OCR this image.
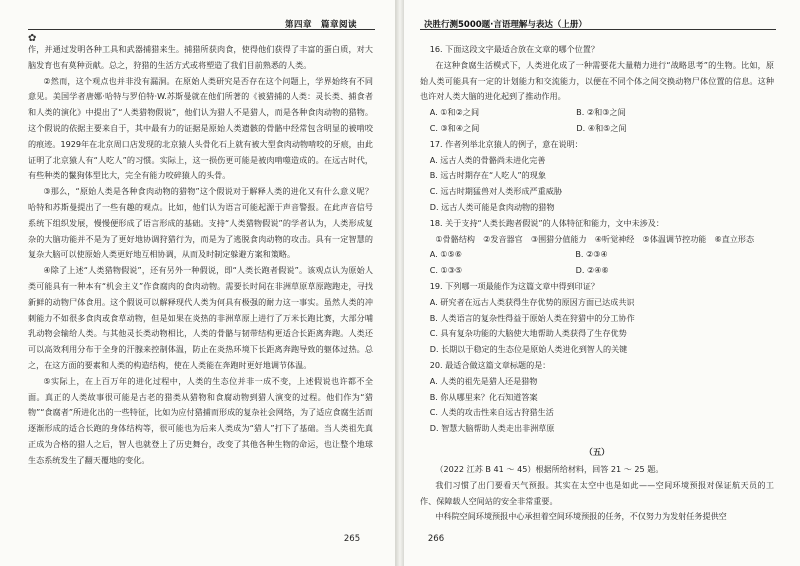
✿
第四章　篇章阅读

作，并通过发明各种工具和武器捕猎来生。捕猎所获肉食，使得他们获得了丰富的蛋白质，对大脑发育也有莫种贡献。总之，狩猎的生活方式或将塑造了我们目前熟悉的人类。

②然而，这个观点也并非没有漏洞。在原始人类研究是否存在这个问题上，学界始终有不同意见。美国学者唐娜·哈特与罗伯特·W.苏斯曼就在他们所著的《被猎捕的人类：灵长类、捕食者和人类的演化》中提出了“人类猎物假说”，他们认为猎人不是猎人，而是各种食肉动物的猎物。这个假说的依据主要来自于，其中最有力的证据是原始人类遗骸的骨骼中经常包含明显的被啃咬的痕迹。1929年在北京周口店发现的北京猿人头骨化石上就有被大型食肉动物啃咬的牙痕，由此证明了北京猿人有“人吃人”的习惯。实际上，这一损伤更可能是被肉啃噬造成的。在远古时代，有些种类的鬣狗体型比大，完全有能力咬碎猿人的头骨。

③那么，“原始人类是各种食肉动物的猎物”这个假说对于解释人类的进化又有什么意义呢？哈特和苏斯曼提出了一些有趣的观点。比如，他们认为语言可能起源于声音警报。在此声音信号系统下组织发展，慢慢便形成了语言形成的基础。支持“人类猎物假说”的学者认为，人类形成复杂的大脑功能并不是为了更好地协调狩猎行为，而是为了逃脱食肉动物的攻击。具有一定智慧的复杂大脑可以使原始人类更好地互相协调，从而及时制定躲避方案和策略。

④除了上述“人类猎物假说”，还有另外一种假说，即“人类长跑者假说”。该观点认为原始人类可能具有一种本有“机会主义”作食腐肉的食肉动物。需要长时间在非洲草原草原跑跑走，寻找新鲜的动物尸体食用。这个假说可以解释现代人类为何具有极强的耐力这一事实。虽然人类的冲刺能力不如很多食肉或食草动物，但是如果在炎热的非洲草原上进行了万米长跑比赛，大部分哺乳动物会输给人类。与其他灵长类动物相比，人类的骨骼与韧带结构更适合长距离奔跑。人类还可以高效利用分布于全身的汗腺来控制体温，防止在炎热环境下长距离奔跑导致的躯体过热。总之，在这方面的要素和人类的构造结构，使在人类能在奔跑时更好地调节体温。

⑤实际上，在上百万年的进化过程中，人类的生态位并非一成不变，上述假说也许都不全面。真正的人类故事很可能是古老的猎类从猎物和食腐动物到猎人演变的过程。他们作为“猎物”“食腐者”所进化出的一些特征，比如为应付猎捕而形成的复杂社会网络，为了适应食腐生活而逐渐形成的适合长跑的身体结构等，很可能也为后来人类成为“猎人”打下了基础。当人类祖先真正成为合格的猎人之后，智人也就登上了历史舞台，改变了其他各种生物的命运，也让整个地球生态系统发生了翻天覆地的变化。

265
决胜行测5000题·言语理解与表达（上册）

16. 下面这段文字最适合放在文章的哪个位置？

在这种食腐生活模式下，人类进化成了一种需要花大量精力进行“战略思考”的生物。比如，原始人类可能具有一定的计划能力和交流能力，以便在不同个体之间交换动物尸体位置的信息。这种也许对人类大脑的进化起到了推动作用。

A. ①和②之间　　　　　　　　　　　　B. ②和③之间

C. ③和④之间　　　　　　　　　　　　D. ④和⑤之间

17. 作者列举北京猿人的例子，意在说明：

A. 远古人类的骨骼尚未进化完善

B. 远古时期存在“人吃人”的现象

C. 远古时期猛兽对人类形成严重威胁

D. 远古人类可能是食肉动物的猎物

18. 关于支持“人类长跑者假说”的人体特征和能力，文中未涉及：

①骨骼结构　②发音器官　③围猎分值能力　④听觉神经　⑤体温调节控功能　⑥直立形态

A. ①⑤⑥　　　　　　　　　　　　　　B. ②③④

C. ①③⑤　　　　　　　　　　　　　　D. ②④⑥

19. 下列哪一项最能作为这篇文章中得到印证？

A. 研究者在远古人类获得生存优势的原因方面已达成共识

B. 人类语言的复杂性得益于原始人类在狩猎中的分工协作

C. 具有复杂功能的大脑使大地帮助人类获得了生存优势

D. 长期以于稳定的生态位是原始人类进化到智人的关键

20. 最适合做这篇文章标题的是：

A. 人类的祖先是猎人还是猎物

B. 你从哪里来？化石知道答案

C. 人类的攻击性来自远古狩猎生活

D. 智慧大脑帮助人类走出非洲草原

（五）

（2022 江苏 B 41 ～ 45）根据所给材料，回答 21 ～ 25 题。

我们习惯了出门要看天气预报。其实在太空中也是如此——空间环境预报对保证航天员的工作、保障载人空间站的安全非常重要。

中科院空间环境预报中心承担着空间环境预报的任务，不仅努力为发射任务提供空

266
